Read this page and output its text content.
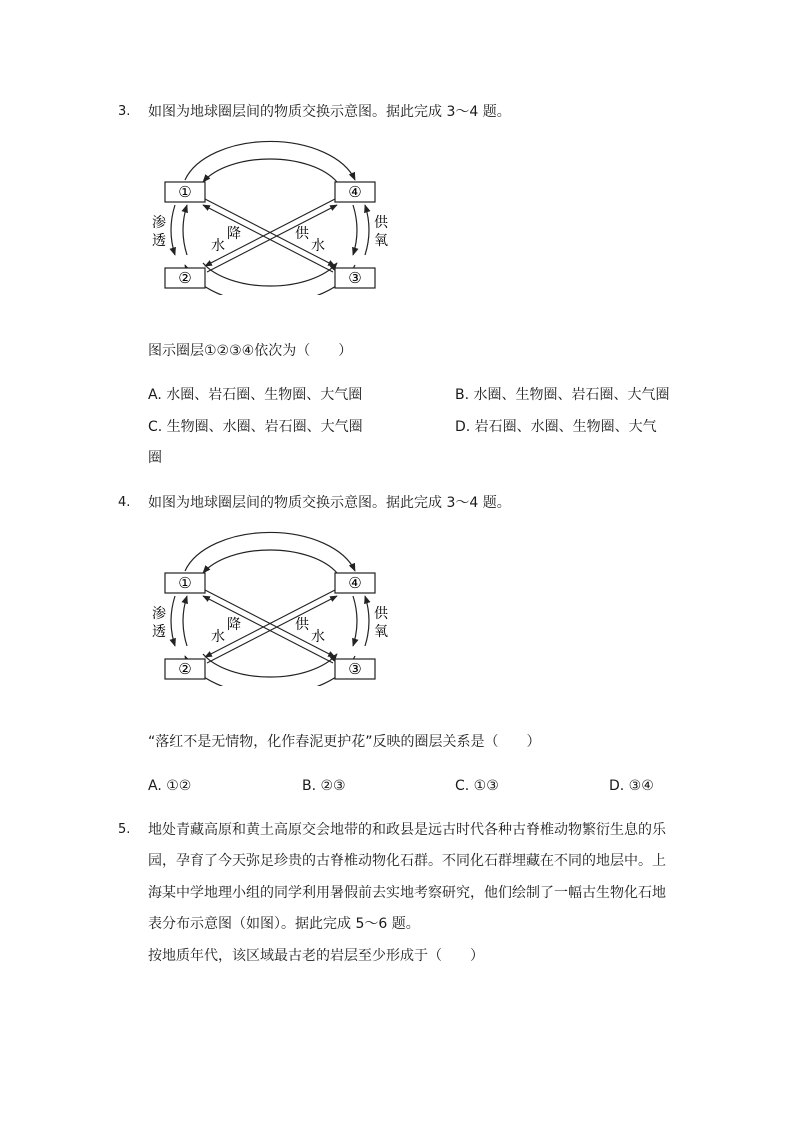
3. 如图为地球圈层间的物质交换示意图。据此完成 3～4 题。
①	④
②	③
渗
透
供
氧
水
降	供
水
图示圈层①②③④依次为（　　）
A. 水圈、岩石圈、生物圈、大气圈	B. 水圈、生物圈、岩石圈、大气圈
C. 生物圈、水圈、岩石圈、大气圈	D. 岩石圈、水圈、生物圈、大气
圈
4. 如图为地球圈层间的物质交换示意图。据此完成 3～4 题。
①	④
②	③
渗
透
供
氧
水
降	供
水
“落红不是无情物，化作春泥更护花”反映的圈层关系是（　　）
A. ①②	B. ②③	C. ①③	D. ③④
5. 地处青藏高原和黄土高原交会地带的和政县是远古时代各种古脊椎动物繁衍生息的乐
园，孕育了今天弥足珍贵的古脊椎动物化石群。不同化石群埋藏在不同的地层中。上
海某中学地理小组的同学利用暑假前去实地考察研究，他们绘制了一幅古生物化石地
表分布示意图（如图）。据此完成 5～6 题。
按地质年代，该区域最古老的岩层至少形成于（　　）
